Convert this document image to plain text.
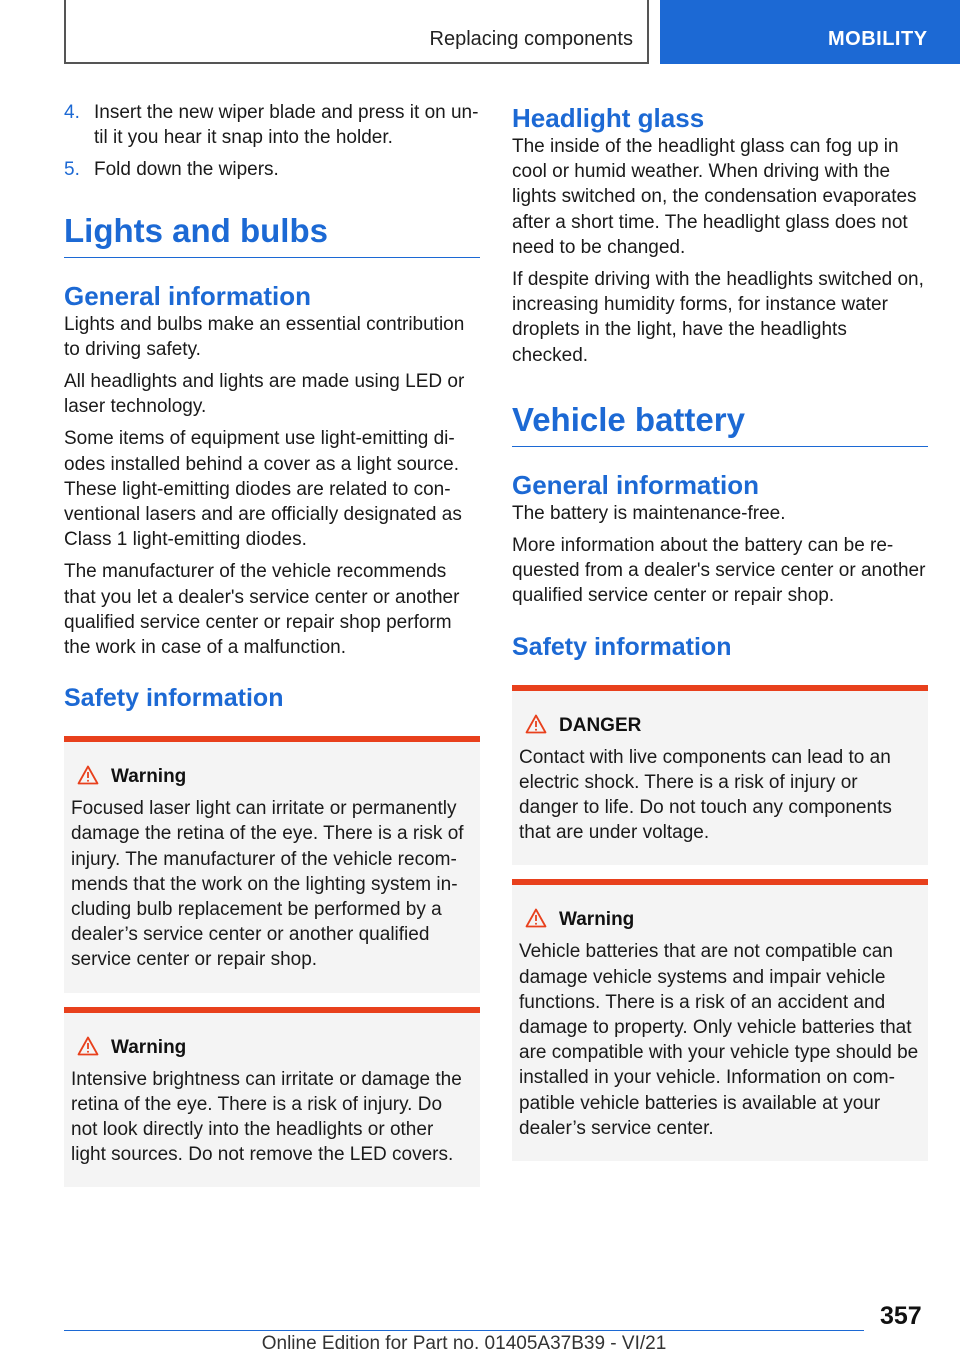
Replacing components	MOBILITY
4. Insert the new wiper blade and press it on un-til it you hear it snap into the holder.
5. Fold down the wipers.
Lights and bulbs
General information

Lights and bulbs make an essential contribution to driving safety.

All headlights and lights are made using LED or laser technology.

Some items of equipment use light-emitting di-odes installed behind a cover as a light source. These light-emitting diodes are related to con-ventional lasers and are officially designated as Class 1 light-emitting diodes.

The manufacturer of the vehicle recommends that you let a dealer's service center or another qualified service center or repair shop perform the work in case of a malfunction.

Safety information
Warning

Focused laser light can irritate or permanently damage the retina of the eye. There is a risk of injury. The manufacturer of the vehicle recom-mends that the work on the lighting system in-cluding bulb replacement be performed by a dealer’s service center or another qualified service center or repair shop.

Warning

Intensive brightness can irritate or damage the retina of the eye. There is a risk of injury. Do not look directly into the headlights or other light sources. Do not remove the LED covers.

Headlight glass

The inside of the headlight glass can fog up in cool or humid weather. When driving with the lights switched on, the condensation evaporates after a short time. The headlight glass does not need to be changed.

If despite driving with the headlights switched on, increasing humidity forms, for instance water droplets in the light, have the headlights checked.

Vehicle battery
General information

The battery is maintenance-free.

More information about the battery can be re-quested from a dealer's service center or another qualified service center or repair shop.

Safety information
DANGER

Contact with live components can lead to an electric shock. There is a risk of injury or danger to life. Do not touch any components that are under voltage.

Warning

Vehicle batteries that are not compatible can damage vehicle systems and impair vehicle functions. There is a risk of an accident and damage to property. Only vehicle batteries that are compatible with your vehicle type should be installed in your vehicle. Information on com-patible vehicle batteries is available at your dealer’s service center.

357
Online Edition for Part no. 01405A37B39 - VI/21
